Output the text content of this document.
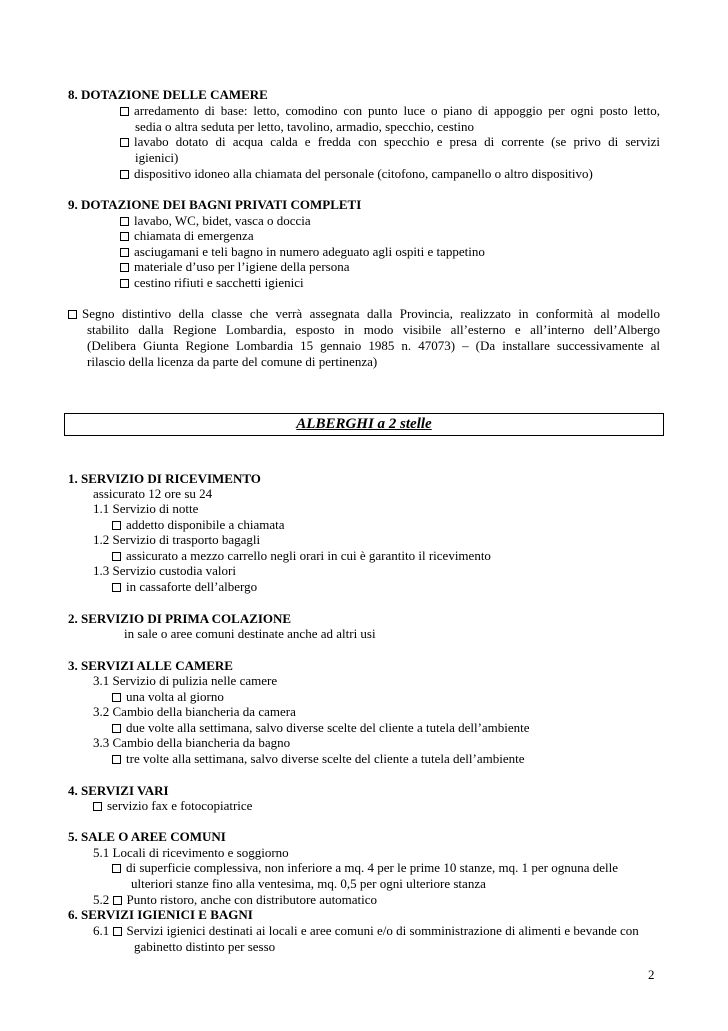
8. DOTAZIONE DELLE CAMERE
arredamento di base: letto, comodino con punto luce o piano di appoggio per ogni posto letto,
sedia o altra seduta per letto, tavolino, armadio, specchio, cestino
lavabo dotato di acqua calda e fredda con specchio e presa di corrente (se privo di servizi
igienici)
dispositivo idoneo alla chiamata del personale (citofono, campanello o altro dispositivo)
9. DOTAZIONE DEI BAGNI PRIVATI COMPLETI
lavabo, WC, bidet, vasca o doccia
chiamata di emergenza
asciugamani e teli bagno in numero adeguato agli ospiti e tappetino
materiale d’uso per l’igiene della persona
cestino rifiuti e sacchetti igienici
Segno distintivo della classe che verrà assegnata dalla Provincia, realizzato in conformità al modello
stabilito dalla Regione Lombardia, esposto in modo visibile all’esterno e all’interno dell’Albergo
(Delibera Giunta Regione Lombardia 15 gennaio 1985 n. 47073) – (Da installare successivamente al
rilascio della licenza da parte del comune di pertinenza)
ALBERGHI a 2 stelle
1. SERVIZIO DI RICEVIMENTO
assicurato 12 ore su 24
1.1 Servizio di notte
addetto disponibile a chiamata
1.2 Servizio di trasporto bagagli
assicurato a mezzo carrello negli orari in cui è garantito il ricevimento
1.3 Servizio custodia valori
in cassaforte dell’albergo
2. SERVIZIO DI PRIMA COLAZIONE
in sale o aree comuni destinate anche ad altri usi
3. SERVIZI ALLE CAMERE
3.1 Servizio di pulizia nelle camere
una volta al giorno
3.2 Cambio della biancheria da camera
due volte alla settimana, salvo diverse scelte del cliente a tutela dell’ambiente
3.3 Cambio della biancheria da bagno
tre volte alla settimana, salvo diverse scelte del cliente a tutela dell’ambiente
4. SERVIZI VARI
servizio fax e fotocopiatrice
5. SALE O AREE COMUNI
5.1 Locali di ricevimento e soggiorno
di superficie complessiva, non inferiore a mq. 4 per le prime 10 stanze, mq. 1 per ognuna delle
ulteriori stanze fino alla ventesima, mq. 0,5 per ogni ulteriore stanza
5.2 Punto ristoro, anche con distributore automatico
6. SERVIZI IGIENICI E BAGNI
6.1 Servizi igienici destinati ai locali e aree comuni e/o di somministrazione di alimenti e bevande con
gabinetto distinto per sesso
2
